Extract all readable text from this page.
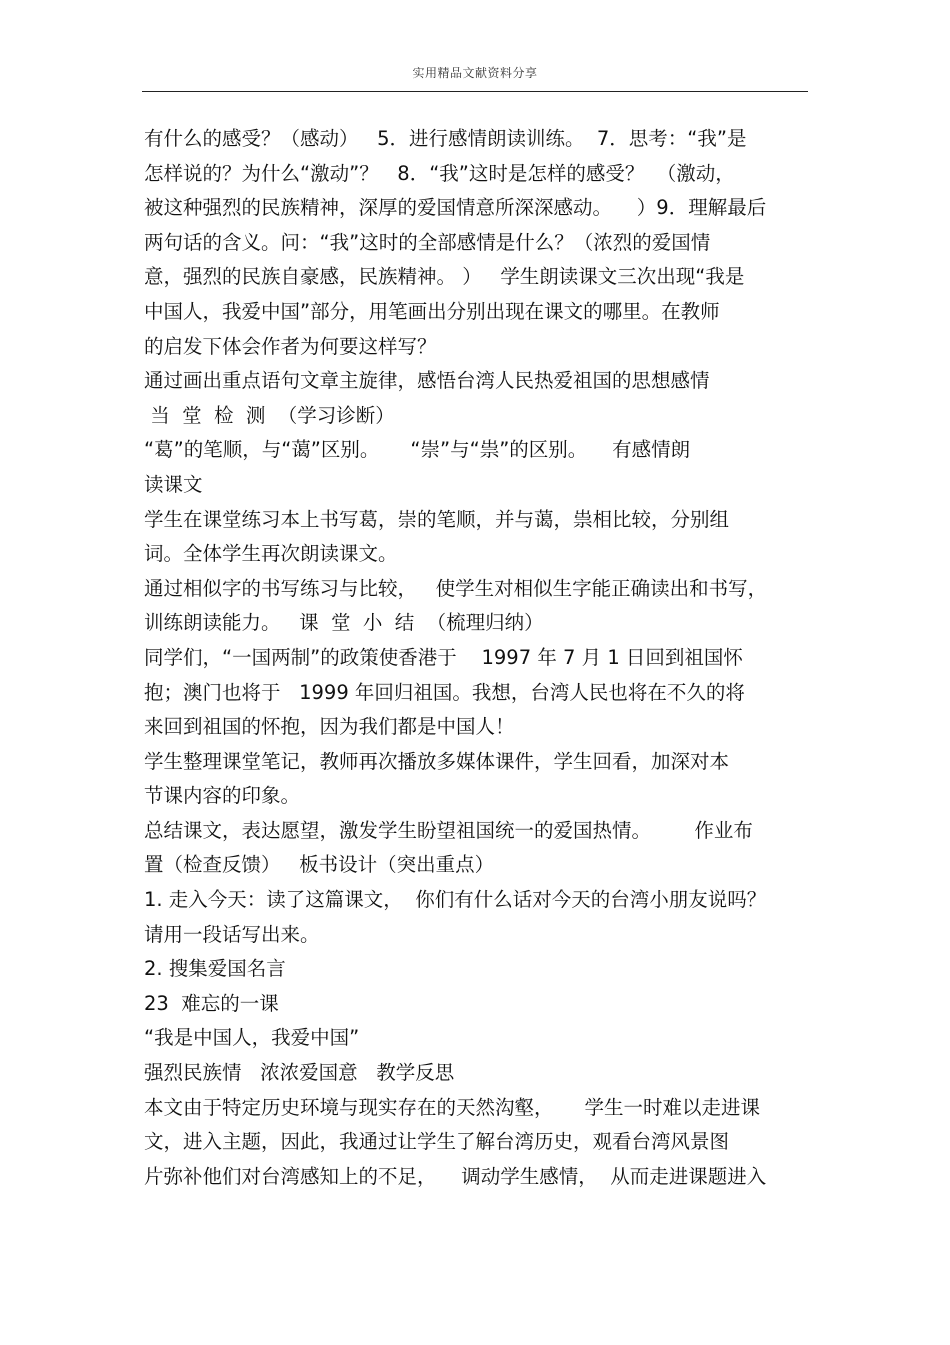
实用精品文献资料分享
有什么的感受？（感动）   5．进行感情朗读训练。  7．思考：“我”是
怎样说的？为什么“激动”？   8．“我”这时是怎样的感受？  （激动，
被这种强烈的民族精神，深厚的爱国情意所深深感动。    ）9．理解最后
两句话的含义。问：“我”这时的全部感情是什么？（浓烈的爱国情
意，强烈的民族自豪感，民族精神。 ）   学生朗读课文三次出现“我是
中国人，我爱中国”部分，用笔画出分别出现在课文的哪里。在教师
的启发下体会作者为何要这样写？
通过画出重点语句文章主旋律，感悟台湾人民热爱祖国的思想感情
当  堂  检  测  （学习诊断）
“葛”的笔顺，与“蔼”区别。     “崇”与“祟”的区别。    有感情朗
读课文
学生在课堂练习本上书写葛，崇的笔顺，并与蔼，祟相比较，分别组
词。全体学生再次朗读课文。
通过相似字的书写练习与比较，   使学生对相似生字能正确读出和书写，
训练朗读能力。   课  堂  小  结  （梳理归纳）
同学们，“一国两制”的政策使香港于    1997 年 7 月 1 日回到祖国怀
抱；澳门也将于   1999 年回归祖国。我想，台湾人民也将在不久的将
来回到祖国的怀抱，因为我们都是中国人！
学生整理课堂笔记，教师再次播放多媒体课件，学生回看，加深对本
节课内容的印象。
总结课文，表达愿望，激发学生盼望祖国统一的爱国热情。       作业布
置（检查反馈）   板书设计（突出重点）
1. 走入今天：读了这篇课文，  你们有什么话对今天的台湾小朋友说吗？
请用一段话写出来。
2. 搜集爱国名言
23  难忘的一课
“我是中国人，我爱中国”
强烈民族情   浓浓爱国意   教学反思
本文由于特定历史环境与现实存在的天然沟壑，     学生一时难以走进课
文，进入主题，因此，我通过让学生了解台湾历史，观看台湾风景图
片弥补他们对台湾感知上的不足，    调动学生感情，  从而走进课题进入
